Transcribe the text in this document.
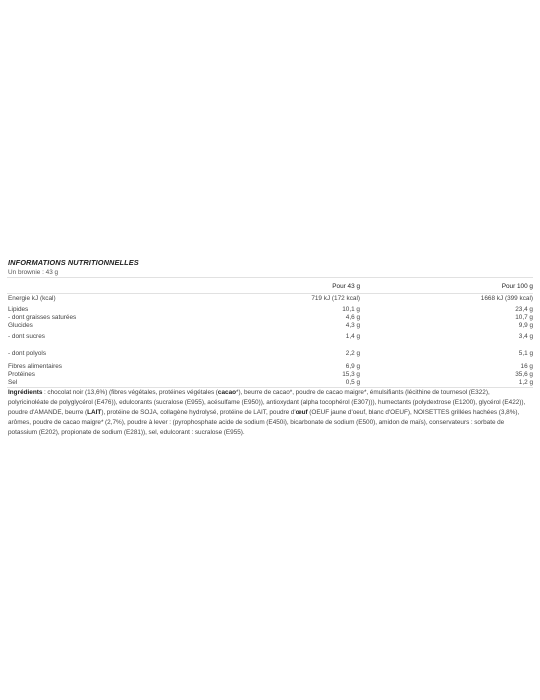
INFORMATIONS NUTRITIONNELLES
Un brownie : 43 g
Pour 43 g	Pour 100 g
Energie kJ (kcal)	719 kJ (172 kcal)	1668 kJ (399 kcal)
Lipides	10,1 g	23,4 g
- dont graisses saturées	4,6 g	10,7 g
Glucides	4,3 g	9,9 g
- dont sucres	1,4 g	3,4 g
- dont polyols	2,2 g	5,1 g
Fibres alimentaires	6,9 g	16 g
Protéines	15,3 g	35,6 g
Sel	0,5 g	1,2 g
Ingrédients : chocolat noir (13,6%) (fibres végétales, protéines végétales (cacao*), beurre de cacao*, poudre de cacao maigre*, émulsifiants (lécithine de tournesol (E322), polyricinoléate de polyglycérol (E476)), edulcorants (sucralose (E955), acésulfame (E950)), antioxydant (alpha tocophérol (E307))), humectants (polydextrose (E1200), glycérol (E422)), poudre d'AMANDE, beurre (LAIT), protéine de SOJA, collagène hydrolysé, protéine de LAIT, poudre d'œuf (OEUF jaune d'oeuf, blanc d'OEUF), NOISETTES grillées hachées (3,8%), arômes, poudre de cacao maigre* (2,7%), poudre à lever : (pyrophosphate acide de sodium (E450i), bicarbonate de sodium (E500), amidon de maïs), conservateurs : sorbate de potassium (E202), propionate de sodium (E281)), sel, edulcorant : sucralose (E955).
